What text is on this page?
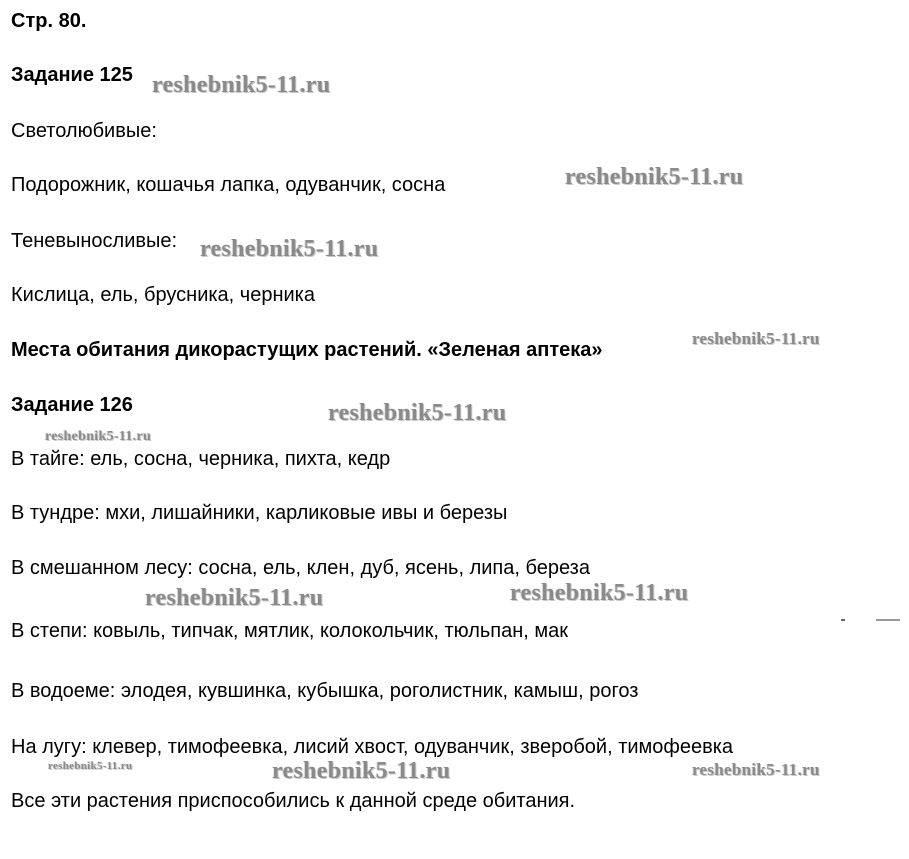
Стр. 80.
Задание 125
Светолюбивые:
Подорожник, кошачья лапка, одуванчик, сосна
Теневыносливые:
Кислица, ель, брусника, черника
Места обитания дикорастущих растений. «Зеленая аптека»
Задание 126
В тайге: ель, сосна, черника, пихта, кедр
В тундре: мхи, лишайники, карликовые ивы и березы
В смешанном лесу: сосна, ель, клен, дуб, ясень, липа, береза
В степи: ковыль, типчак, мятлик, колокольчик, тюльпан, мак
В водоеме: элодея, кувшинка, кубышка, роголистник, камыш, рогоз
На лугу: клевер, тимофеевка, лисий хвост, одуванчик, зверобой, тимофеевка
Все эти растения приспособились к данной среде обитания.
reshebnik5-11.ru
reshebnik5-11.ru
reshebnik5-11.ru
reshebnik5-11.ru
reshebnik5-11.ru
reshebnik5-11.ru
reshebnik5-11.ru	reshebnik5-11.ru
reshebnik5-11.ru	reshebnik5-11.ru	reshebnik5-11.ru
